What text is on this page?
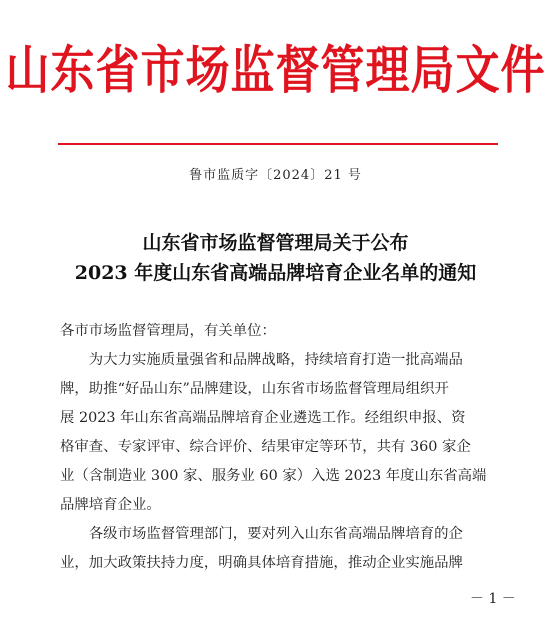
山东省市场监督管理局文件
鲁市监质字〔2024〕21 号
山东省市场监督管理局关于公布
2023 年度山东省高端品牌培育企业名单的通知
各市市场监督管理局，有关单位：
　　为大力实施质量强省和品牌战略，持续培育打造一批高端品
牌，助推“好品山东”品牌建设，山东省市场监督管理局组织开
展 2023 年山东省高端品牌培育企业遴选工作。经组织申报、资
格审查、专家评审、综合评价、结果审定等环节，共有 360 家企
业（含制造业 300 家、服务业 60 家）入选 2023 年度山东省高端
品牌培育企业。
　　各级市场监督管理部门，要对列入山东省高端品牌培育的企
业，加大政策扶持力度，明确具体培育措施，推动企业实施品牌
－ 1 －
